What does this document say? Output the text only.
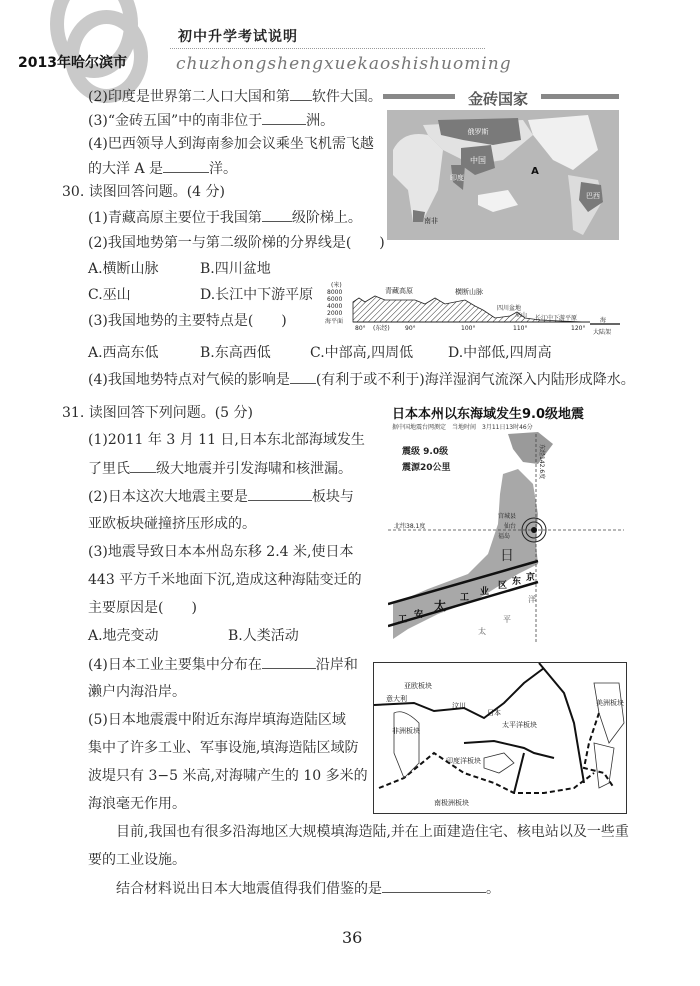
2013年哈尔滨市
初中升学考试说明
chuzhongshengxuekaoshishuoming
(2)印度是世界第二人口大国和第 软件大国。
(3)“金砖五国”中的南非位于	洲。
(4)巴西领导人到海南参加会议乘坐飞机需飞越
的大洋 A 是	洋。
金砖国家
俄罗斯
中国
印度
南非
巴西
A
30. 读图回答问题。(4 分)
(1)青藏高原主要位于我国第 级阶梯上。
(2)我国地势第一与第二级阶梯的分界线是(　　)
A.横断山脉	B.四川盆地
C.巫山	D.长江中下游平原
(3)我国地势的主要特点是(　　)
A.西高东低	B.东高西低	C.中部高,四周低 D.中部低,四周高
(4)我国地势特点对气候的影响是 (有利于或不利于)海洋湿润气流深入内陆形成降水。
(米)
8000
6000
4000
2000
海平面
80° (东经)	90°	100°	110°	120°
青藏高原	横断山脉
四川盆地
巫山 长江中下游平原	海
大陆架
31. 读图回答下列问题。(5 分)
(1)2011 年 3 月 11 日,日本东北部海域发生
了里氏 级大地震并引发海啸和核泄漏。
(2)日本这次大地震主要是	板块与
亚欧板块碰撞挤压形成的。
(3)地震导致日本本州岛东移 2.4 米,使日本
443 平方千米地面下沉,造成这种海陆变迁的
主要原因是(　　)
A.地壳变动	B.人类活动
(4)日本工业主要集中分布在	沿岸和
濑户内海沿岸。
(5)日本地震震中附近东海岸填海造陆区域
集中了许多工业、军事设施,填海造陆区域防
波堤只有 3−5 米高,对海啸产生的 10 多米的
海浪毫无作用。
目前,我国也有很多沿海地区大规模填海造陆,并在上面建造住宅、核电站以及一些重
要的工业设施。
结合材料说出日本大地震值得我们借鉴的是	。
日本本州以东海域发生9.0级地震
据中国地震台网测定　当地时间　3月11日13时46分
震级 9.0级
震源20公里	东经142.6度
北纬38.1度
宫城县
仙台
福岛
日
工 安
太
工
业
区 东 京
太
平
洋
亚欧板块
意大利
汶川
日本
太平洋板块
美洲板块
非洲板块
印度洋板块
南极洲板块
36
